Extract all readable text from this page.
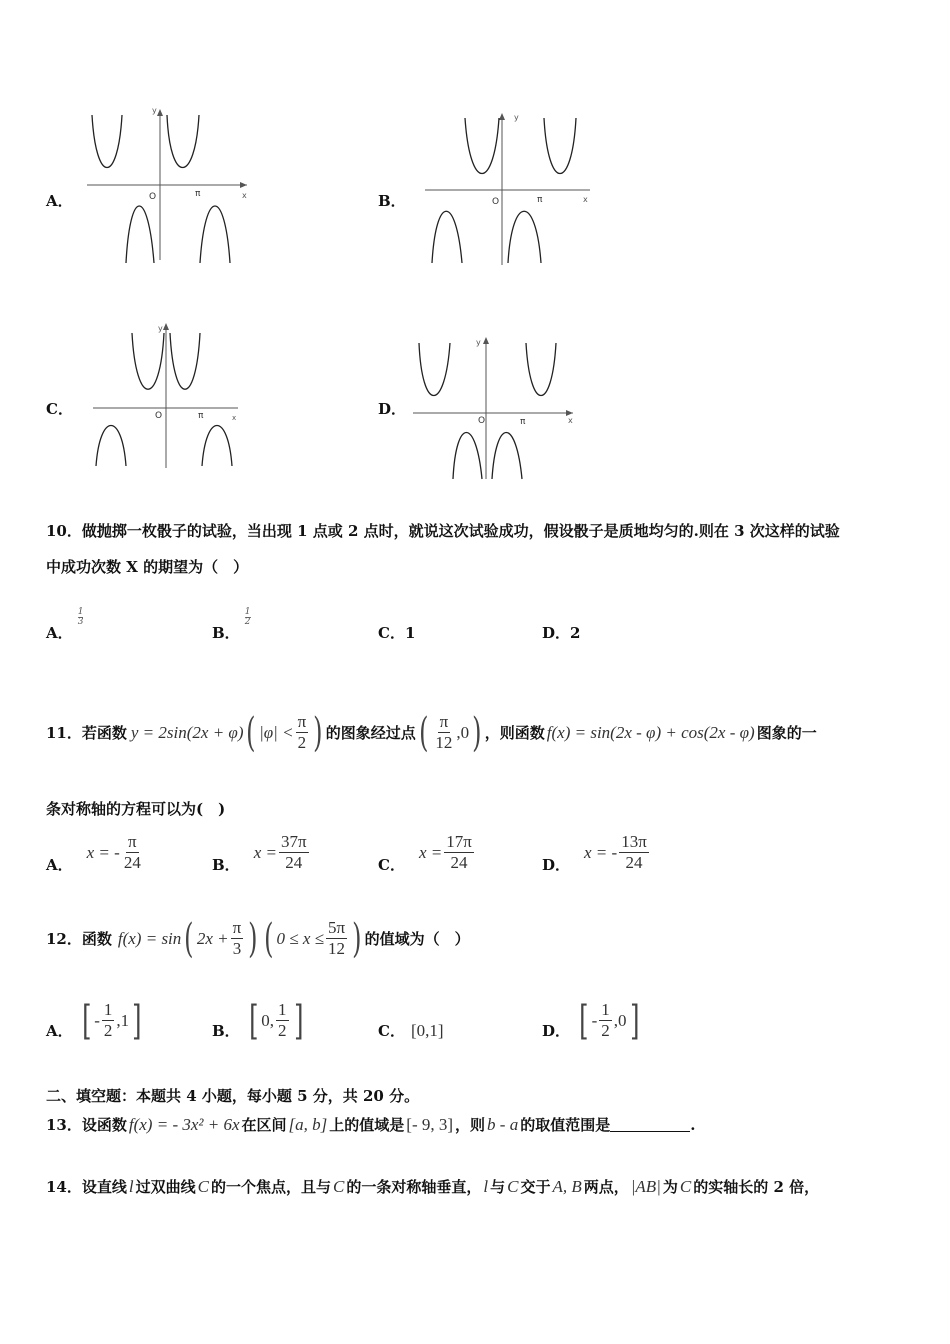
A．
y
x
O	π	B．
y
x
O	π
C．
y
x
O	π	D．
y
x
O	π
10．做抛掷一枚骰子的试验，当出现 1 点或 2 点时，就说这次试验成功，假设骰子是质地均匀的.则在 3 次这样的试验
中成功次数 X 的期望为（　）
A．
$\frac{1}{3}$
B．
$\frac{1}{2}$
C．1	D．2
11．若函数 y = 2sin(2x + φ) ( $|\varphi| < \frac{\pi}{2}$ ) 的图象经过点 ( $\frac{\pi}{12} ,0$ ) ，则函数 f(x) = sin(2x - φ) + cos(2x - φ) 图象的一
条对称轴的方程可以为(　)
A．
x = - $\frac{\pi}{24}$	B．
$x = \frac{37\pi}{24}$	C．
$x = \frac{17\pi}{24}$	D．
x = - $\frac{13\pi}{24}$
12．函数 f(x) = sin ( $2x + \frac{\pi}{3}$ ) ( $0 \le x \le \frac{5\pi}{12}$ ) 的值域为（　）
A． [ - $\frac{1}{2} ,1$ ]	B． [ 0, $\frac{1}{2}$ ]	C． [0,1]	D． [ - $\frac{1}{2} ,0$ ]
二、填空题：本题共 4 小题，每小题 5 分，共 20 分。
13．设函数 f(x) = - 3x² + 6x 在区间 [a, b] 上的值域是 [- 9, 3] ，则 b - a 的取值范围是	.
14．设直线 l 过双曲线 C 的一个焦点，且与 C 的一条对称轴垂直， l 与 C 交于 A, B 两点， |AB| 为 C 的实轴长的 2 倍，
